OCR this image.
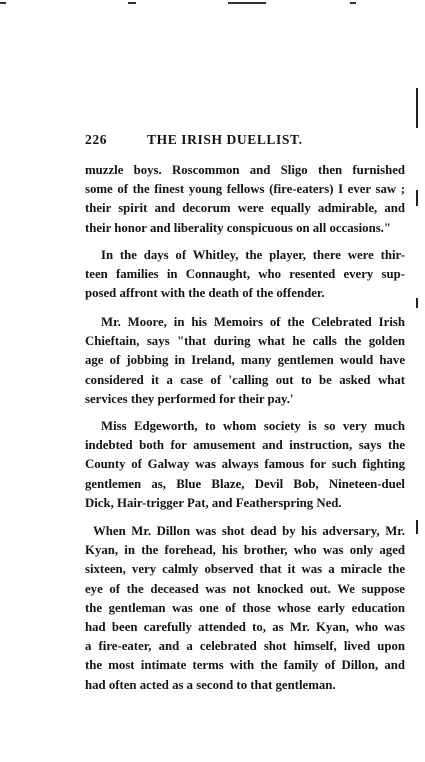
226	THE IRISH DUELLIST.
muzzle boys. Roscommon and Sligo then furnished
some of the finest young fellows (fire-eaters) I ever saw ;
their spirit and decorum were equally admirable, and
their honor and liberality conspicuous on all occasions."
In the days of Whitley, the player, there were thir-
teen families in Connaught, who resented every sup-
posed affront with the death of the offender.
Mr. Moore, in his Memoirs of the Celebrated Irish
Chieftain, says "that during what he calls the golden
age of jobbing in Ireland, many gentlemen would have
considered it a case of 'calling out to be asked what
services they performed for their pay.'
Miss Edgeworth, to whom society is so very much
indebted both for amusement and instruction, says the
County of Galway was always famous for such fighting
gentlemen as, Blue Blaze, Devil Bob, Nineteen-duel
Dick, Hair-trigger Pat, and Featherspring Ned.
When Mr. Dillon was shot dead by his adversary, Mr.
Kyan, in the forehead, his brother, who was only aged
sixteen, very calmly observed that it was a miracle the
eye of the deceased was not knocked out. We suppose
the gentleman was one of those whose early education
had been carefully attended to, as Mr. Kyan, who was
a fire-eater, and a celebrated shot himself, lived upon
the most intimate terms with the family of Dillon, and
had often acted as a second to that gentleman.
